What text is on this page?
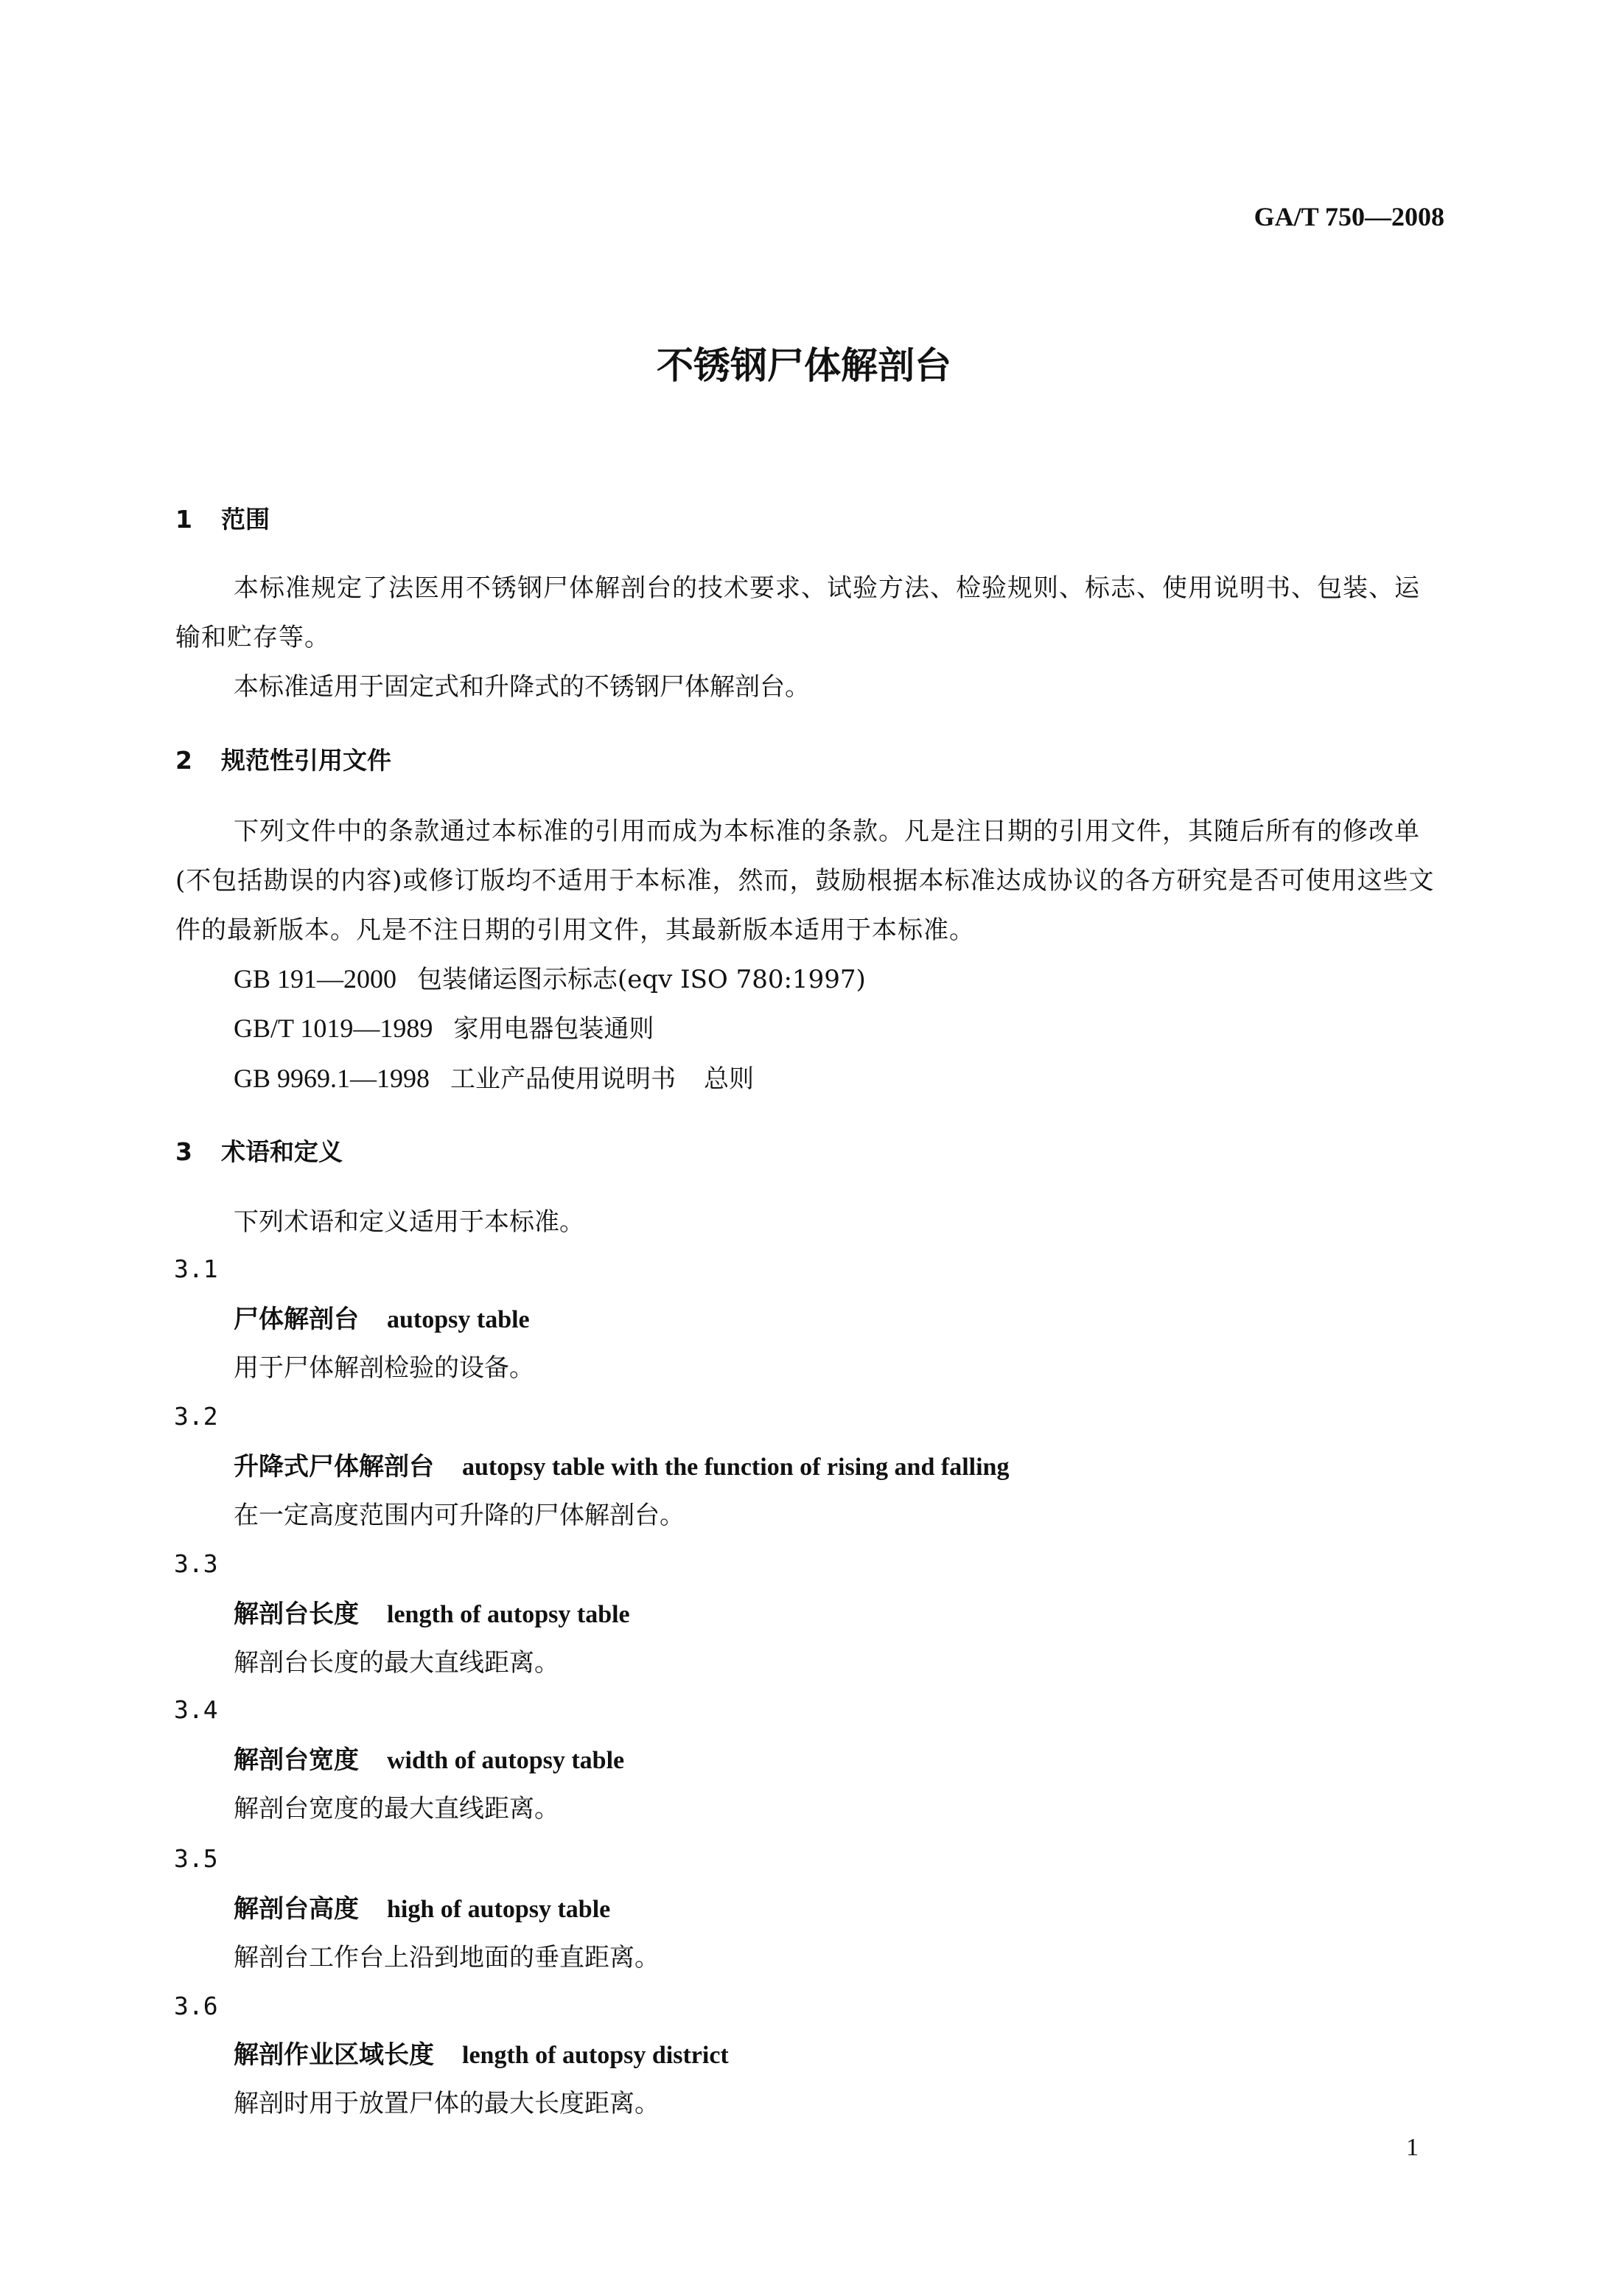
GA/T 750—2008
不锈钢尸体解剖台
1 范围
本标准规定了法医用不锈钢尸体解剖台的技术要求、试验方法、检验规则、标志、使用说明书、包装、运输和贮存等。
本标准适用于固定式和升降式的不锈钢尸体解剖台。
2 规范性引用文件
下列文件中的条款通过本标准的引用而成为本标准的条款。凡是注日期的引用文件，其随后所有的修改单(不包括勘误的内容)或修订版均不适用于本标准，然而，鼓励根据本标准达成协议的各方研究是否可使用这些文件的最新版本。凡是不注日期的引用文件，其最新版本适用于本标准。
GB 191—2000 包装储运图示标志(eqv ISO 780:1997)
GB/T 1019—1989 家用电器包装通则
GB 9969.1—1998 工业产品使用说明书 总则
3 术语和定义
下列术语和定义适用于本标准。
3.1
尸体解剖台 autopsy table
用于尸体解剖检验的设备。
3.2
升降式尸体解剖台 autopsy table with the function of rising and falling
在一定高度范围内可升降的尸体解剖台。
3.3
解剖台长度 length of autopsy table
解剖台长度的最大直线距离。
3.4
解剖台宽度 width of autopsy table
解剖台宽度的最大直线距离。
3.5
解剖台高度 high of autopsy table
解剖台工作台上沿到地面的垂直距离。
3.6
解剖作业区域长度 length of autopsy district
解剖时用于放置尸体的最大长度距离。
1
